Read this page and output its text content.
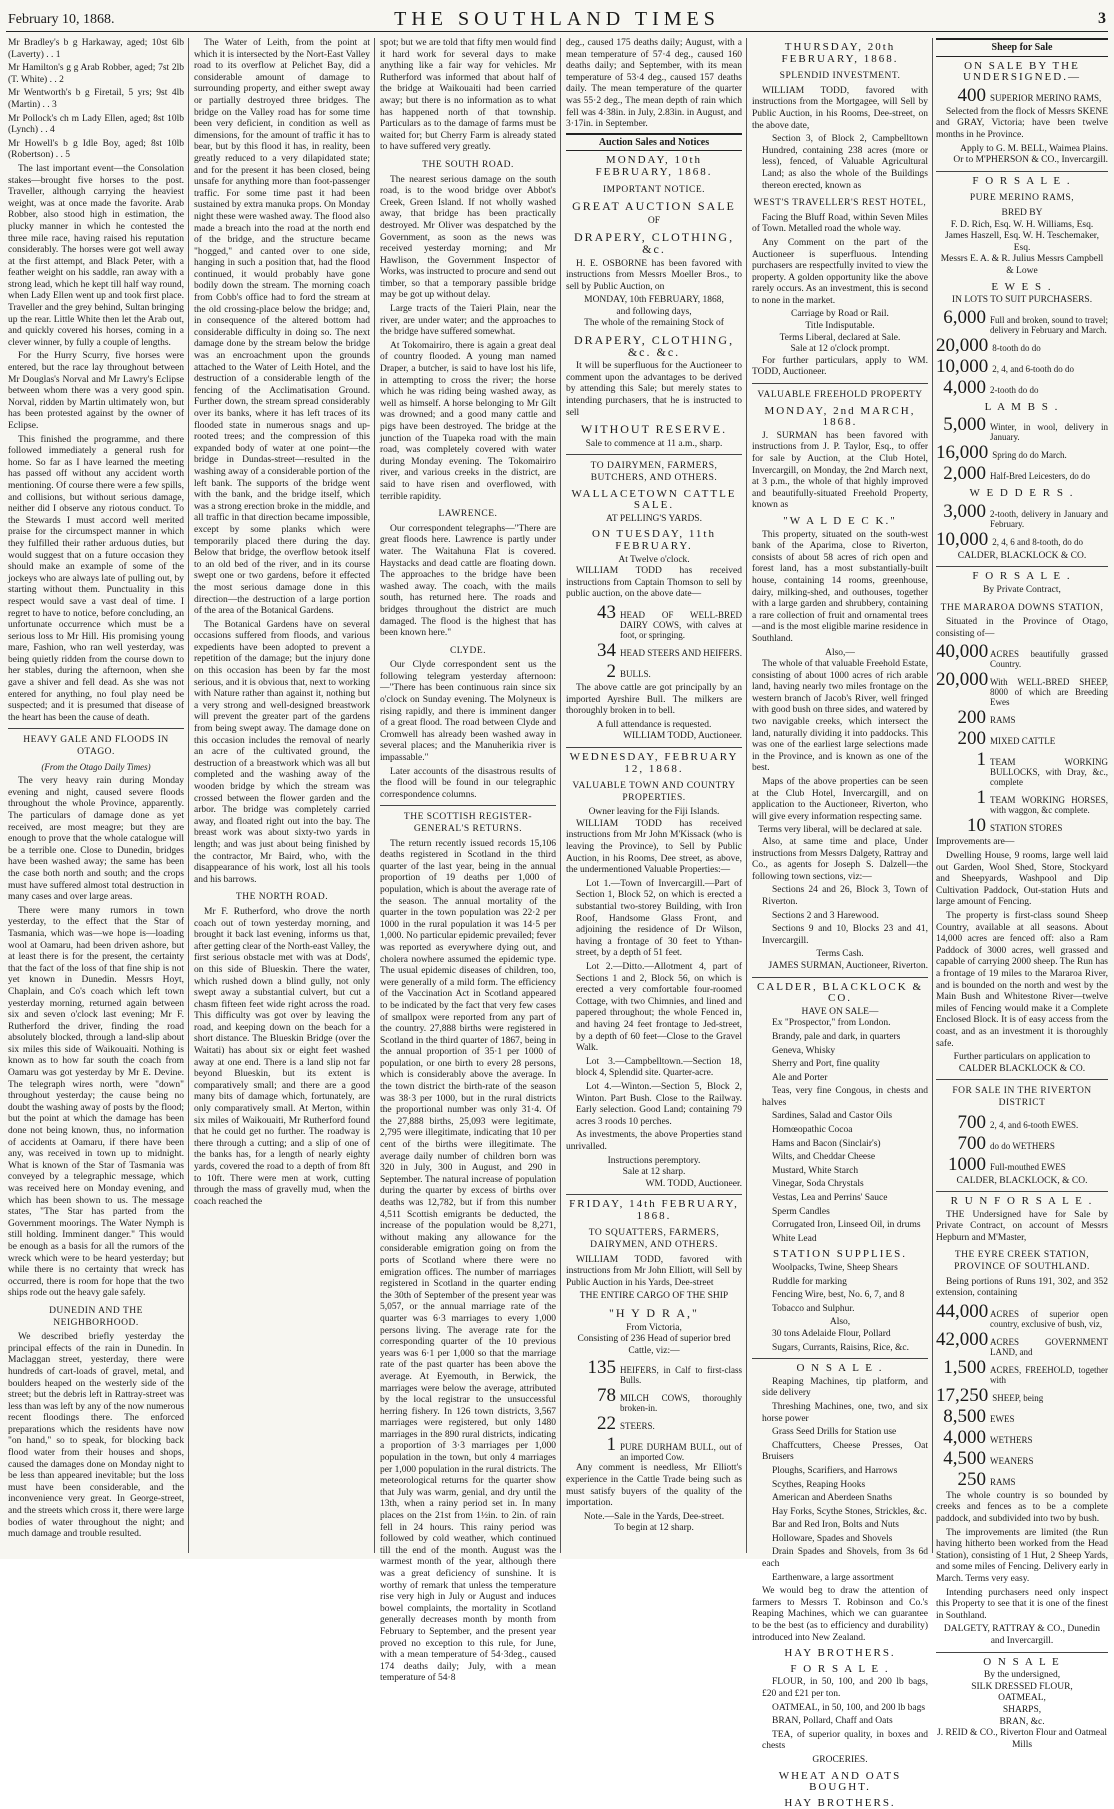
February 10, 1868.	THE SOUTHLAND TIMES	3

Mr Bradley's b g Harkaway, aged; 10st 6lb (Laverty) . . 1

Mr Hamilton's g g Arab Robber, aged; 7st 2lb (T. White) . . 2

Mr Wentworth's b g Firetail, 5 yrs; 9st 4lb (Martin) . . 3

Mr Pollock's ch m Lady Ellen, aged; 8st 10lb (Lynch) . . 4

Mr Howell's b g Idle Boy, aged; 8st 10lb (Robertson) . . 5

The last important event—the Consolation stakes—brought five horses to the post. Traveller, although carrying the heaviest weight, was at once made the favorite. Arab Robber, also stood high in estimation, the plucky manner in which he contested the three mile race, having raised his reputation considerably. The horses were got well away at the first attempt, and Black Peter, with a feather weight on his saddle, ran away with a strong lead, which he kept till half way round, when Lady Ellen went up and took first place. Traveller and the grey behind, Sultan bringing up the rear. Little White then let the Arab out, and quickly covered his horses, coming in a clever winner, by fully a couple of lengths.

For the Hurry Scurry, five horses were entered, but the race lay throughout between Mr Douglas's Norval and Mr Lawry's Eclipse between whom there was a very good spin. Norval, ridden by Martin ultimately won, but has been protested against by the owner of Eclipse.

This finished the programme, and there followed immediately a general rush for home. So far as I have learned the meeting has passed off without any accident worth mentioning. Of course there were a few spills, and collisions, but without serious damage, neither did I observe any riotous conduct. To the Stewards I must accord well merited praise for the circumspect manner in which they fulfilled their rather arduous duties, but would suggest that on a future occasion they should make an example of some of the jockeys who are always late of pulling out, by starting without them. Punctuality in this respect would save a vast deal of time. I regret to have to notice, before concluding, an unfortunate occurrence which must be a serious loss to Mr Hill. His promising young mare, Fashion, who ran well yesterday, was being quietly ridden from the course down to her stables, during the afternoon, when she gave a shiver and fell dead. As she was not entered for anything, no foul play need be suspected; and it is presumed that disease of the heart has been the cause of death.

HEAVY GALE AND FLOODS IN OTAGO.
(From the Otago Daily Times)

The very heavy rain during Monday evening and night, caused severe floods throughout the whole Province, apparently. The particulars of damage done as yet received, are most meagre; but they are enough to prove that the whole catalogue will be a terrible one. Close to Dunedin, bridges have been washed away; the same has been the case both north and south; and the crops must have suffered almost total destruction in many cases and over large areas.

There were many rumors in town yesterday, to the effect that the Star of Tasmania, which was—we hope is—loading wool at Oamaru, had been driven ashore, but at least there is for the present, the certainty that the fact of the loss of that fine ship is not yet known in Dunedin. Messrs Hoyt, Chaplain, and Co's coach which left town yesterday morning, returned again between six and seven o'clock last evening; Mr F. Rutherford the driver, finding the road absolutely blocked, through a land-slip about six miles this side of Waikouaiti. Nothing is known as to how far south the coach from Oamaru was got yesterday by Mr E. Devine. The telegraph wires north, were "down" throughout yesterday; the cause being no doubt the washing away of posts by the flood; but the point at which the damage has been done not being known, thus, no information of accidents at Oamaru, if there have been any, was received in town up to midnight. What is known of the Star of Tasmania was conveyed by a telegraphic message, which was received here on Monday evening, and which has been shown to us. The message states, "The Star has parted from the Government moorings. The Water Nymph is still holding. Imminent danger." This would be enough as a basis for all the rumors of the wreck which were to be heard yesterday; but while there is no certainty that wreck has occurred, there is room for hope that the two ships rode out the heavy gale safely.

DUNEDIN AND THE NEIGHBORHOOD.

We described briefly yesterday the principal effects of the rain in Dunedin. In Maclaggan street, yesterday, there were hundreds of cart-loads of gravel, metal, and boulders heaped on the westerly side of the street; but the debris left in Rattray-street was less than was left by any of the now numerous recent floodings there. The enforced preparations which the residents have now "on hand," so to speak, for blocking back flood water from their houses and shops, caused the damages done on Monday night to be less than appeared inevitable; but the loss must have been considerable, and the inconvenience very great. In George-street, and the streets which cross it, there were large bodies of water throughout the night; and much damage and trouble resulted.

The Water of Leith, from the point at which it is intersected by the Nort-East Valley road to its overflow at Pelichet Bay, did a considerable amount of damage to surrounding property, and either swept away or partially destroyed three bridges. The bridge on the Valley road has for some time been very deficient, in condition as well as dimensions, for the amount of traffic it has to bear, but by this flood it has, in reality, been greatly reduced to a very dilapidated state; and for the present it has been closed, being unsafe for anything more than foot-passenger traffic. For some time past it had been sustained by extra manuka props. On Monday night these were washed away. The flood also made a breach into the road at the north end of the bridge, and the structure became "hogged," and canted over to one side, hanging in such a position that, had the flood continued, it would probably have gone bodily down the stream. The morning coach from Cobb's office had to ford the stream at the old crossing-place below the bridge; and, in consequence of the altered bottom had considerable difficulty in doing so. The next damage done by the stream below the bridge was an encroachment upon the grounds attached to the Water of Leith Hotel, and the destruction of a considerable length of the fencing of the Acclimatisation Ground. Further down, the stream spread considerably over its banks, where it has left traces of its flooded state in numerous snags and up-rooted trees; and the compression of this expanded body of water at one point—the bridge in Dundas-street—resulted in the washing away of a considerable portion of the left bank. The supports of the bridge went with the bank, and the bridge itself, which was a strong erection broke in the middle, and all traffic in that direction became impossible, except by some planks which were temporarily placed there during the day. Below that bridge, the overflow betook itself to an old bed of the river, and in its course swept one or two gardens, before it effected the most serious damage done in this direction—the destruction of a large portion of the area of the Botanical Gardens.

The Botanical Gardens have on several occasions suffered from floods, and various expedients have been adopted to prevent a repetition of the damage; but the injury done on this occasion has been by far the most serious, and it is obvious that, next to working with Nature rather than against it, nothing but a very strong and well-designed breastwork will prevent the greater part of the gardens from being swept away. The damage done on this occasion includes the removal of nearly an acre of the cultivated ground, the destruction of a breastwork which was all but completed and the washing away of the wooden bridge by which the stream was crossed between the flower garden and the arbor. The bridge was completely carried away, and floated right out into the bay. The breast work was about sixty-two yards in length; and was just about being finished by the contractor, Mr Baird, who, with the disappearance of his work, lost all his tools and his barrows.

THE NORTH ROAD.

Mr F. Rutherford, who drove the north coach out of town yesterday morning, and brought it back last evening, informs us that, after getting clear of the North-east Valley, the first serious obstacle met with was at Dods', on this side of Blueskin. There the water, which rushed down a blind gully, not only swept away a substantial culvert, but cut a chasm fifteen feet wide right across the road. This difficulty was got over by leaving the road, and keeping down on the beach for a short distance. The Blueskin Bridge (over the Waitati) has about six or eight feet washed away at one end. There is a land slip not far beyond Blueskin, but its extent is comparatively small; and there are a good many bits of damage which, fortunately, are only comparatively small. At Merton, within six miles of Waikouaiti, Mr Rutherford found that he could get no further. The roadway is there through a cutting; and a slip of one of the banks has, for a length of nearly eighty yards, covered the road to a depth of from 8ft to 10ft. There were men at work, cutting through the mass of gravelly mud, when the coach reached the

spot; but we are told that fifty men would find it hard work for several days to make anything like a fair way for vehicles. Mr Rutherford was informed that about half of the bridge at Waikouaiti had been carried away; but there is no information as to what has happened north of that township. Particulars as to the damage of farms must be waited for; but Cherry Farm is already stated to have suffered very greatly.

THE SOUTH ROAD.

The nearest serious damage on the south road, is to the wood bridge over Abbot's Creek, Green Island. If not wholly washed away, that bridge has been practically destroyed. Mr Oliver was despatched by the Government, as soon as the news was received yesterday morning; and Mr Hawlison, the Government Inspector of Works, was instructed to procure and send out timber, so that a temporary passible bridge may be got up without delay.

Large tracts of the Taieri Plain, near the river, are under water; and the approaches to the bridge have suffered somewhat.

At Tokomairiro, there is again a great deal of country flooded. A young man named Draper, a butcher, is said to have lost his life, in attempting to cross the river; the horse which he was riding being washed away, as well as himself. A horse belonging to Mr Gilt was drowned; and a good many cattle and pigs have been destroyed. The bridge at the junction of the Tuapeka road with the main road, was completely covered with water during Monday evening. The Tokomairiro river, and various creeks in the district, are said to have risen and overflowed, with terrible rapidity.

LAWRENCE.

Our correspondent telegraphs—"There are great floods here. Lawrence is partly under water. The Waitahuna Flat is covered. Haystacks and dead cattle are floating down. The approaches to the bridge have been washed away. The coach, with the mails south, has returned here. The roads and bridges throughout the district are much damaged. The flood is the highest that has been known here."

CLYDE.

Our Clyde correspondent sent us the following telegram yesterday afternoon:—"There has been continuous rain since six o'clock on Sunday evening. The Molyneux is rising rapidly, and there is imminent danger of a great flood. The road between Clyde and Cromwell has already been washed away in several places; and the Manuherikia river is impassable."

Later accounts of the disastrous results of the flood will be found in our telegraphic correspondence columns.

THE SCOTTISH REGISTER-GENERAL'S RETURNS.

The return recently issued records 15,106 deaths registered in Scotland in the third quarter of the last year, being in the annual proportion of 19 deaths per 1,000 of population, which is about the average rate of the season. The annual mortality of the quarter in the town population was 22·2 per 1000 in the rural population it was 14·5 per 1,000. No particular epidemic prevailed; fever was reported as everywhere dying out, and cholera nowhere assumed the epidemic type. The usual epidemic diseases of children, too, were generally of a mild form. The efficiency of the Vaccination Act in Scotland appeared to be indicated by the fact that very few cases of smallpox were reported from any part of the country. 27,888 births were registered in Scotland in the third quarter of 1867, being in the annual proportion of 35·1 per 1000 of population, or one birth to every 28 persons, which is considerably above the average. In the town district the birth-rate of the season was 38·3 per 1000, but in the rural districts the proportional number was only 31·4. Of the 27,888 births, 25,093 were legitimate, 2,795 were illegitimate, indicating that 10 per cent of the births were illegitimate. The average daily number of children born was 320 in July, 300 in August, and 290 in September. The natural increase of population during the quarter by excess of births over deaths was 12,782, but if from this number 4,511 Scottish emigrants be deducted, the increase of the population would be 8,271, without making any allowance for the considerable emigration going on from the ports of Scotland where there were no emigration offices. The number of marriages registered in Scotland in the quarter ending the 30th of September of the present year was 5,057, or the annual marriage rate of the quarter was 6·3 marriages to every 1,000 persons living. The average rate for the corresponding quarter of the 10 previous years was 6·1 per 1,000 so that the marriage rate of the past quarter has been above the average. At Eyemouth, in Berwick, the marriages were below the average, attributed by the local registrar to the unsuccessful herring fishery. In 126 town districts, 3,567 marriages were registered, but only 1480 marriages in the 890 rural districts, indicating a proportion of 3·3 marriages per 1,000 population in the town, but only 4 marriages per 1,000 population in the rural districts. The meteorological returns for the quarter show that July was warm, genial, and dry until the 13th, when a rainy period set in. In many places on the 21st from 1½in. to 2in. of rain fell in 24 hours. This rainy period was followed by cold weather, which continued till the end of the month. August was the warmest month of the year, although there was a great deficiency of sunshine. It is worthy of remark that unless the temperature rise very high in July or August and induces bowel complaints, the mortality in Scotland generally decreases month by month from February to September, and the present year proved no exception to this rule, for June, with a mean temperature of 54·3deg., caused 174 deaths daily; July, with a mean temperature of 54·8

deg., caused 175 deaths daily; August, with a mean temperature of 57·4 deg., caused 160 deaths daily; and September, with its mean temperature of 53·4 deg., caused 157 deaths daily. The mean temperature of the quarter was 55·2 deg., The mean depth of rain which fell was 4·38in. in July, 2.83in. in August, and 3·17in. in September.

Auction Sales and Notices
MONDAY, 10th FEBRUARY, 1868.
IMPORTANT NOTICE.
GREAT AUCTION SALE
OF
DRAPERY, CLOTHING, &c.

H. E. OSBORNE has been favored with instructions from Messrs Moeller Bros., to sell by Public Auction, on

MONDAY, 10th FEBRUARY, 1868,
and following days,
The whole of the remaining Stock of
DRAPERY, CLOTHING, &c. &c.

It will be superfluous for the Auctioneer to comment upon the advantages to be derived by attending this Sale; but merely states to intending purchasers, that he is instructed to sell

WITHOUT RESERVE.
Sale to commence at 11 a.m., sharp.
TO DAIRYMEN, FARMERS, BUTCHERS, AND OTHERS.
WALLACETOWN CATTLE SALE.
AT PELLING'S YARDS.
ON TUESDAY, 11th FEBRUARY.
At Twelve o'clock.

WILLIAM TODD has received instructions from Captain Thomson to sell by public auction, on the above date—

43 HEAD OF WELL-BRED DAIRY COWS, with calves at foot, or springing.
34 HEAD STEERS AND HEIFERS.
2 BULLS.

The above cattle are got principally by an imported Ayrshire Bull. The milkers are thoroughly broken in to bell.

A full attendance is requested.
WILLIAM TODD, Auctioneer.
WEDNESDAY, FEBRUARY 12, 1868.
VALUABLE TOWN AND COUNTRY PROPERTIES.
Owner leaving for the Fiji Islands.

WILLIAM TODD has received instructions from Mr John M'Kissack (who is leaving the Province), to Sell by Public Auction, in his Rooms, Dee street, as above, the undermentioned Valuable Properties:—

Lot 1.—Town of Invercargill.—Part of Section 1, Block 52, on which is erected a substantial two-storey Building, with Iron Roof, Handsome Glass Front, and adjoining the residence of Dr Wilson, having a frontage of 30 feet to Ythan-street, by a depth of 51 feet.

Lot 2.—Ditto.—Allotment 4, part of Sections 1 and 2, Block 56, on which is erected a very comfortable four-roomed Cottage, with two Chimnies, and lined and papered throughout; the whole Fenced in, and having 24 feet frontage to Jed-street, by a depth of 60 feet—Close to the Gravel Walk.

Lot 3.—Campbelltown.—Section 18, block 4, Splendid site. Quarter-acre.

Lot 4.—Winton.—Section 5, Block 2, Winton. Part Bush. Close to the Railway. Early selection. Good Land; containing 79 acres 3 roods 10 perches.

As investments, the above Properties stand unrivalled.

Instructions peremptory.
Sale at 12 sharp.
WM. TODD, Auctioneer.
FRIDAY, 14th FEBRUARY, 1868.
TO SQUATTERS, FARMERS, DAIRYMEN, AND OTHERS.

WILLIAM TODD, favored with instructions from Mr John Elliott, will Sell by Public Auction in his Yards, Dee-street

THE ENTIRE CARGO OF THE SHIP
"H Y D R A,"
From Victoria,
Consisting of 236 Head of superior bred Cattle, viz:—
135 HEIFERS, in Calf to first-class Bulls.
78 MILCH COWS, thoroughly broken-in.
22 STEERS.
1 PURE DURHAM BULL, out of an imported Cow.

Any comment is needless, Mr Elliott's experience in the Cattle Trade being such as must satisfy buyers of the quality of the importation.

Note.—Sale in the Yards, Dee-street.
To begin at 12 sharp.
THURSDAY, 20th FEBRUARY, 1868.
SPLENDID INVESTMENT.

WILLIAM TODD, favored with instructions from the Mortgagee, will Sell by Public Auction, in his Rooms, Dee-street, on the above date,

Section 3, of Block 2, Campbelltown Hundred, containing 238 acres (more or less), fenced, of Valuable Agricultural Land; as also the whole of the Buildings thereon erected, known as

WEST'S TRAVELLER'S REST HOTEL,

Facing the Bluff Road, within Seven Miles of Town. Metalled road the whole way.

Any Comment on the part of the Auctioneer is superfluous. Intending purchasers are respectfully invited to view the property. A golden opportunity like the above rarely occurs. As an investment, this is second to none in the market.

Carriage by Road or Rail.
Title Indisputable.
Terms Liberal, declared at Sale.
Sale at 12 o'clock prompt.

For further particulars, apply to WM. TODD, Auctioneer.

VALUABLE FREEHOLD PROPERTY
MONDAY, 2nd MARCH, 1868.

J. SURMAN has been favored with instructions from J. P. Taylor, Esq., to offer for sale by Auction, at the Club Hotel, Invercargill, on Monday, the 2nd March next, at 3 p.m., the whole of that highly improved and beautifully-situated Freehold Property, known as

"W A L D E C K."

This property, situated on the south-west bank of the Aparima, close to Riverton, consists of about 58 acres of rich open and forest land, has a most substantially-built house, containing 14 rooms, greenhouse, dairy, milking-shed, and outhouses, together with a large garden and shrubbery, containing a rare collection of fruit and ornamental trees—and is the most eligible marine residence in Southland.

Also,—

The whole of that valuable Freehold Estate, consisting of about 1000 acres of rich arable land, having nearly two miles frontage on the western branch of Jacob's River, well fringed with good bush on three sides, and watered by two navigable creeks, which intersect the land, naturally dividing it into paddocks. This was one of the earliest large selections made in the Province, and is known as one of the best.

Maps of the above properties can be seen at the Club Hotel, Invercargill, and on application to the Auctioneer, Riverton, who will give every information respecting same.

Terms very liberal, will be declared at sale.

Also, at same time and place, Under instructions from Messrs Dalgety, Rattray and Co., as agents for Joseph S. Dalzell—the following town sections, viz:—

Sections 24 and 26, Block 3, Town of Riverton.

Sections 2 and 3 Harewood.

Sections 9 and 10, Blocks 23 and 41, Invercargill.

Terms Cash.
JAMES SURMAN, Auctioneer, Riverton.
CALDER, BLACKLOCK & CO.
HAVE ON SALE—

Ex "Prospector," from London.

Brandy, pale and dark, in quarters

Geneva, Whisky

Sherry and Port, fine quality

Ale and Porter

Teas, very fine Congous, in chests and halves

Sardines, Salad and Castor Oils

Homœopathic Cocoa

Hams and Bacon (Sinclair's)

Wilts, and Cheddar Cheese

Mustard, White Starch

Vinegar, Soda Chrystals

Vestas, Lea and Perrins' Sauce

Sperm Candles

Corrugated Iron, Linseed Oil, in drums

White Lead

STATION SUPPLIES.

Woolpacks, Twine, Sheep Shears

Ruddle for marking

Fencing Wire, best, No. 6, 7, and 8

Tobacco and Sulphur.

Also,

30 tons Adelaide Flour, Pollard

Sugars, Currants, Raisins, Rice, &c.

O N S A L E .

Reaping Machines, tip platform, and side delivery

Threshing Machines, one, two, and six horse power

Grass Seed Drills for Station use

Chaffcutters, Cheese Presses, Oat Bruisers

Ploughs, Scarifiers, and Harrows

Scythes, Reaping Hooks

American and Aberdeen Snaths

Hay Forks, Scythe Stones, Strickles, &c.

Bar and Red Iron, Bolts and Nuts

Holloware, Spades and Shovels

Drain Spades and Shovels, from 3s 6d each

Earthenware, a large assortment

We would beg to draw the attention of farmers to Messrs T. Robinson and Co.'s Reaping Machines, which we can guarantee to be the best (as to efficiency and durability) introduced into New Zealand.

HAY BROTHERS.
F O R S A L E .

FLOUR, in 50, 100, and 200 lb bags, £20 and £21 per ton.

OATMEAL, in 50, 100, and 200 lb bags

BRAN, Pollard, Chaff and Oats

TEA, of superior quality, in boxes and chests

GROCERIES.
WHEAT AND OATS BOUGHT.
HAY BROTHERS.
Sheep for Sale
ON SALE BY THE UNDERSIGNED.—
400 SUPERIOR MERINO RAMS,

Selected from the flock of Messrs SKENE and GRAY, Victoria; have been twelve months in he Province.

Apply to G. M. BELL, Waimea Plains.
Or to M'PHERSON & CO., Invercargill.
F O R S A L E .
PURE MERINO RAMS,
BRED BY
F. D. Rich, Esq. W. H. Williams, Esq.
James Haszell, Esq. W. H. Teschemaker, Esq.
Messrs E. A. & R. Julius Messrs Campbell & Lowe
E W E S .
IN LOTS TO SUIT PURCHASERS.
6,000 Full and broken, sound to travel; delivery in February and March.
20,000 8-tooth do do
10,000 2, 4, and 6-tooth do do
4,000 2-tooth do do
L A M B S .
5,000 Winter, in wool, delivery in January.
16,000 Spring do do March.
2,000 Half-Bred Leicesters, do do
W E D D E R S .
3,000 2-tooth, delivery in January and February.
10,000 2, 4, 6 and 8-tooth, do do
CALDER, BLACKLOCK & CO.
F O R S A L E .
By Private Contract,
THE MARAROA DOWNS STATION,

Situated in the Province of Otago, consisting of—

40,000 ACRES beautifully grassed Country.
20,000 With WELL-BRED SHEEP, 8000 of which are Breeding Ewes
200 RAMS
200 MIXED CATTLE
1 TEAM WORKING BULLOCKS, with Dray, &c., complete
1 TEAM WORKING HORSES, with waggon, &c complete.
10 STATION STORES

Improvements are—

Dwelling House, 9 rooms, large well laid out Garden, Wool Shed, Store, Stockyard and Sheepyards, Washpool and Dip Cultivation Paddock, Out-station Huts and large amount of Fencing.

The property is first-class sound Sheep Country, available at all seasons. About 14,000 acres are fenced off: also a Ram Paddock of 3000 acres, well grassed and capable of carrying 2000 sheep. The Run has a frontage of 19 miles to the Mararoa River, and is bounded on the north and west by the Main Bush and Whitestone River—twelve miles of Fencing would make it a Complete Enclosed Block. It is of easy access from the coast, and as an investment it is thoroughly safe.

Further particulars on application to CALDER BLACKLOCK & CO.
FOR SALE IN THE RIVERTON DISTRICT
700 2, 4, and 6-tooth EWES.
700 do do WETHERS
1000 Full-mouthed EWES
CALDER, BLACKLOCK, & CO.
R U N F O R S A L E .

THE Undersigned have for Sale by Private Contract, on account of Messrs Hepburn and M'Master,

THE EYRE CREEK STATION, PROVINCE OF SOUTHLAND.

Being portions of Runs 191, 302, and 352 extension, containing

44,000 ACRES of superior open country, exclusive of bush, viz,
42,000 ACRES GOVERNMENT LAND, and
1,500 ACRES, FREEHOLD, together with
17,250 SHEEP, being
8,500 EWES
4,000 WETHERS
4,500 WEANERS
250 RAMS

The whole country is so bounded by creeks and fences as to be a complete paddock, and subdivided into two by bush.

The improvements are limited (the Run having hitherto been worked from the Head Station), consisting of 1 Hut, 2 Sheep Yards, and some miles of Fencing. Delivery early in March. Terms very easy.

Intending purchasers need only inspect this Property to see that it is one of the finest in Southland.

DALGETY, RATTRAY & CO., Dunedin and Invercargill.
O N S A L E
By the undersigned,
SILK DRESSED FLOUR,
OATMEAL,
SHARPS,
BRAN, &c.
J. REID & CO., Riverton Flour and Oatmeal Mills
